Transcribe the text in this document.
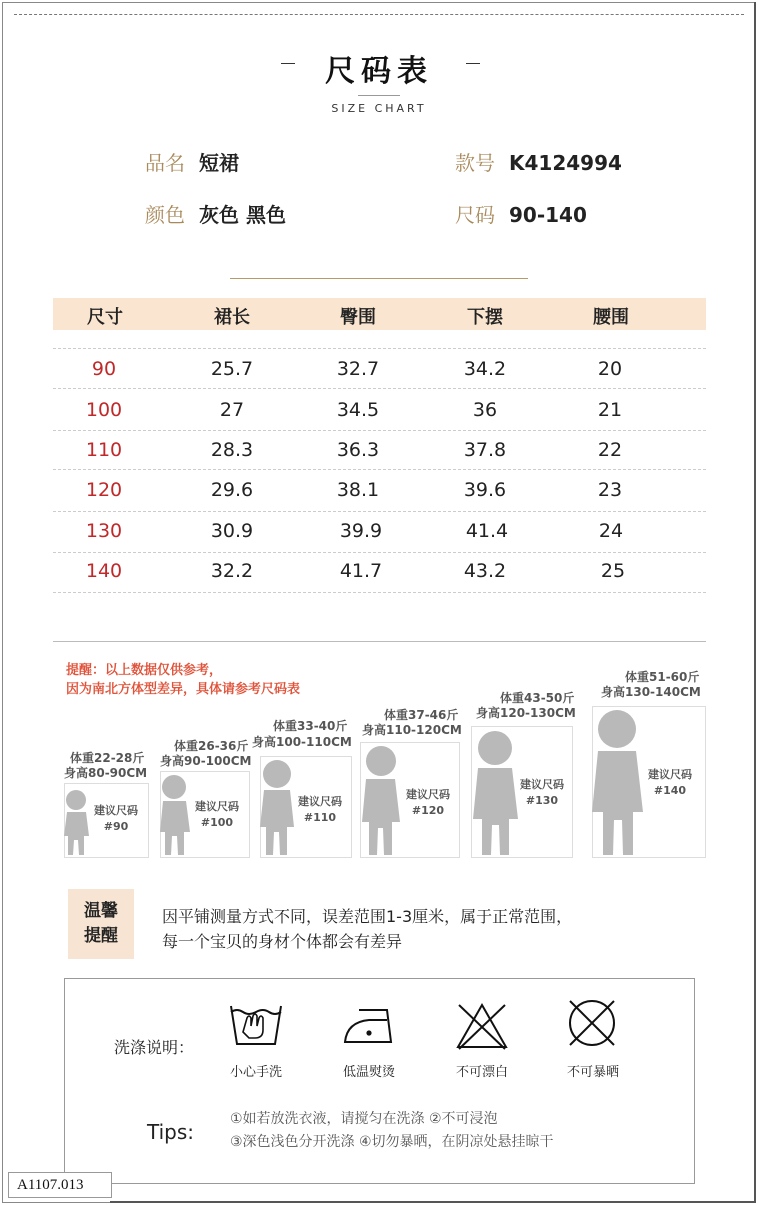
尺码表
SIZE CHART
品名 短裙	款号 K4124994
颜色 灰色 黑色	尺码 90-140
尺寸	裙长	臀围	下摆	腰围
90	25.7	32.7	34.2	20
100	27	34.5	36	21
110	28.3	36.3	37.8	22
120	29.6	38.1	39.6	23
130	30.9	39.9	41.4	24
140	32.2	41.7	43.2	25
提醒：以上数据仅供参考，
因为南北方体型差异，具体请参考尺码表
体重22-28斤
身高80-90CM
建议尺码
#90
体重26-36斤
身高90-100CM
建议尺码
#100
体重33-40斤
身高100-110CM
建议尺码
#110
体重37-46斤
身高110-120CM
建议尺码
#120
体重43-50斤
身高120-130CM
建议尺码
#130
体重51-60斤
身高130-140CM
建议尺码
#140
温馨
提醒
因平铺测量方式不同，误差范围1-3厘米，属于正常范围，
每一个宝贝的身材个体都会有差异
洗涤说明：
小心手洗	低温熨烫	不可漂白	不可暴晒
Tips:
①如若放洗衣液，请搅匀在洗涤 ②不可浸泡
③深色浅色分开洗涤 ④切勿暴晒，在阴凉处悬挂晾干
A1107.013
